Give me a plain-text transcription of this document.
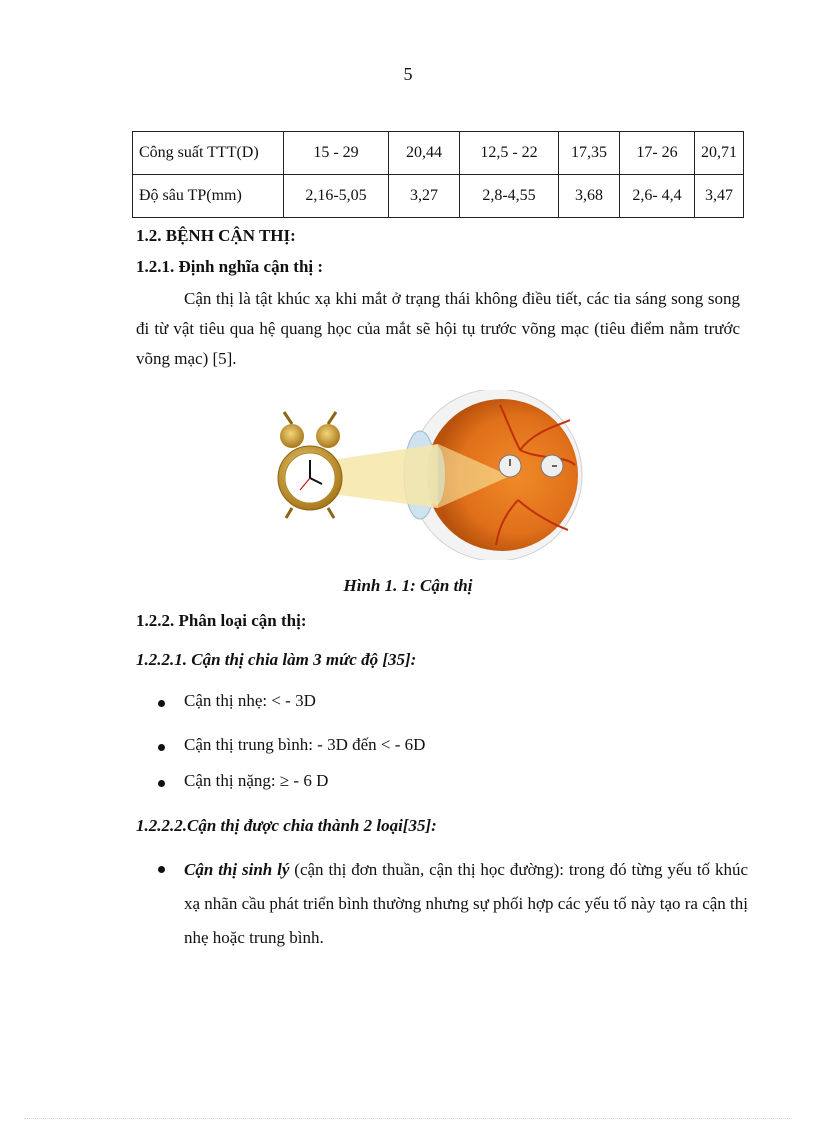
5
Công suất TTT(D)	15 - 29	20,44	12,5 - 22	17,35	17- 26	20,71
Độ sâu TP(mm)	2,16-5,05	3,27	2,8-4,55	3,68	2,6- 4,4	3,47
1.2. BỆNH CẬN THỊ:
1.2.1. Định nghĩa cận thị :
Cận thị là tật khúc xạ khi mắt ở trạng thái không điều tiết, các tia sáng song song đi từ vật tiêu qua hệ quang học của mắt sẽ hội tụ trước võng mạc (tiêu điểm nằm trước võng mạc) [5].
Hình 1. 1: Cận thị
1.2.2. Phân loại cận thị:
1.2.2.1. Cận thị chia làm 3 mức độ [35]:
Cận thị nhẹ: < - 3D
Cận thị trung bình: - 3D đến < - 6D
Cận thị nặng: ≥ - 6 D
1.2.2.2.Cận thị được chia thành 2 loại[35]:
Cận thị sinh lý (cận thị đơn thuần, cận thị học đường): trong đó từng yếu tố khúc xạ nhãn cầu phát triển bình thường nhưng sự phối hợp các yếu tố này tạo ra cận thị nhẹ hoặc trung bình.
